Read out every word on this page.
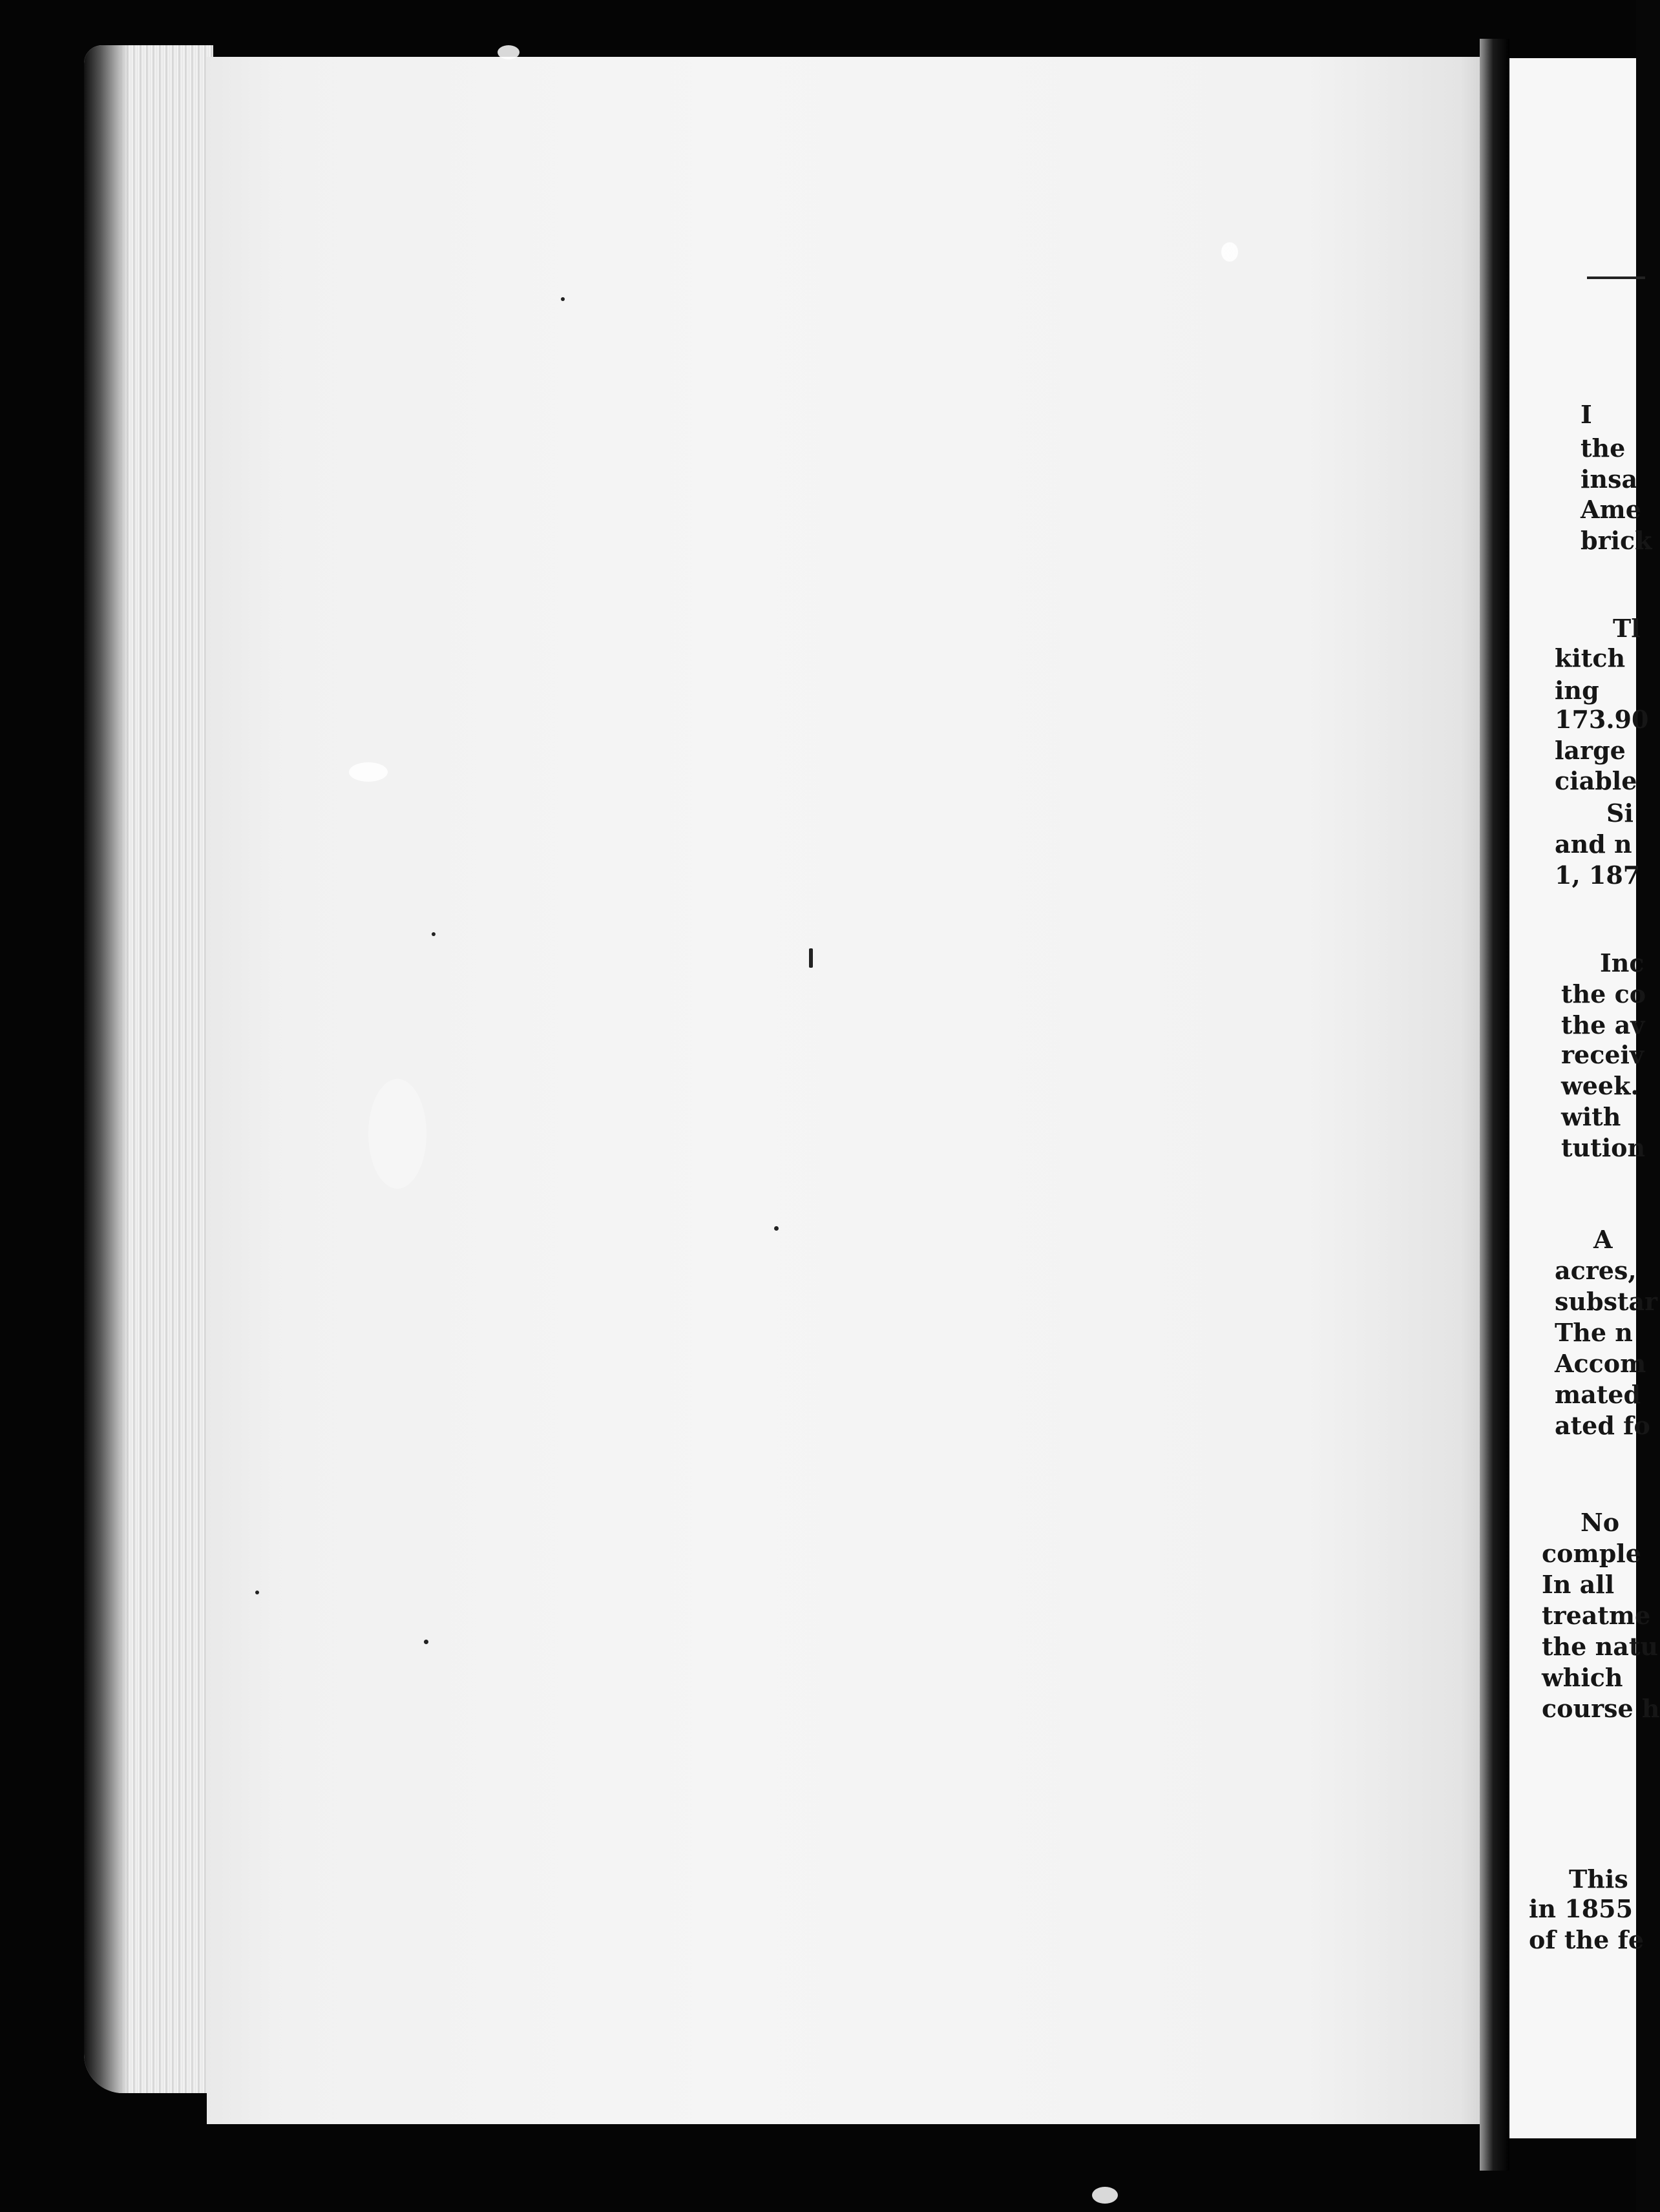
I
the
insa
Ame
brick
Tl
kitch
ing
173.90
large
ciable
Si
and n
1, 187
Inc
the co
the av
receiv
week.
with
tution
A
acres,
substar
The n
Accom
mated
ated fo
No
comple
In all
treatme
the natu
which
course h
This
in 1855
of the fe
